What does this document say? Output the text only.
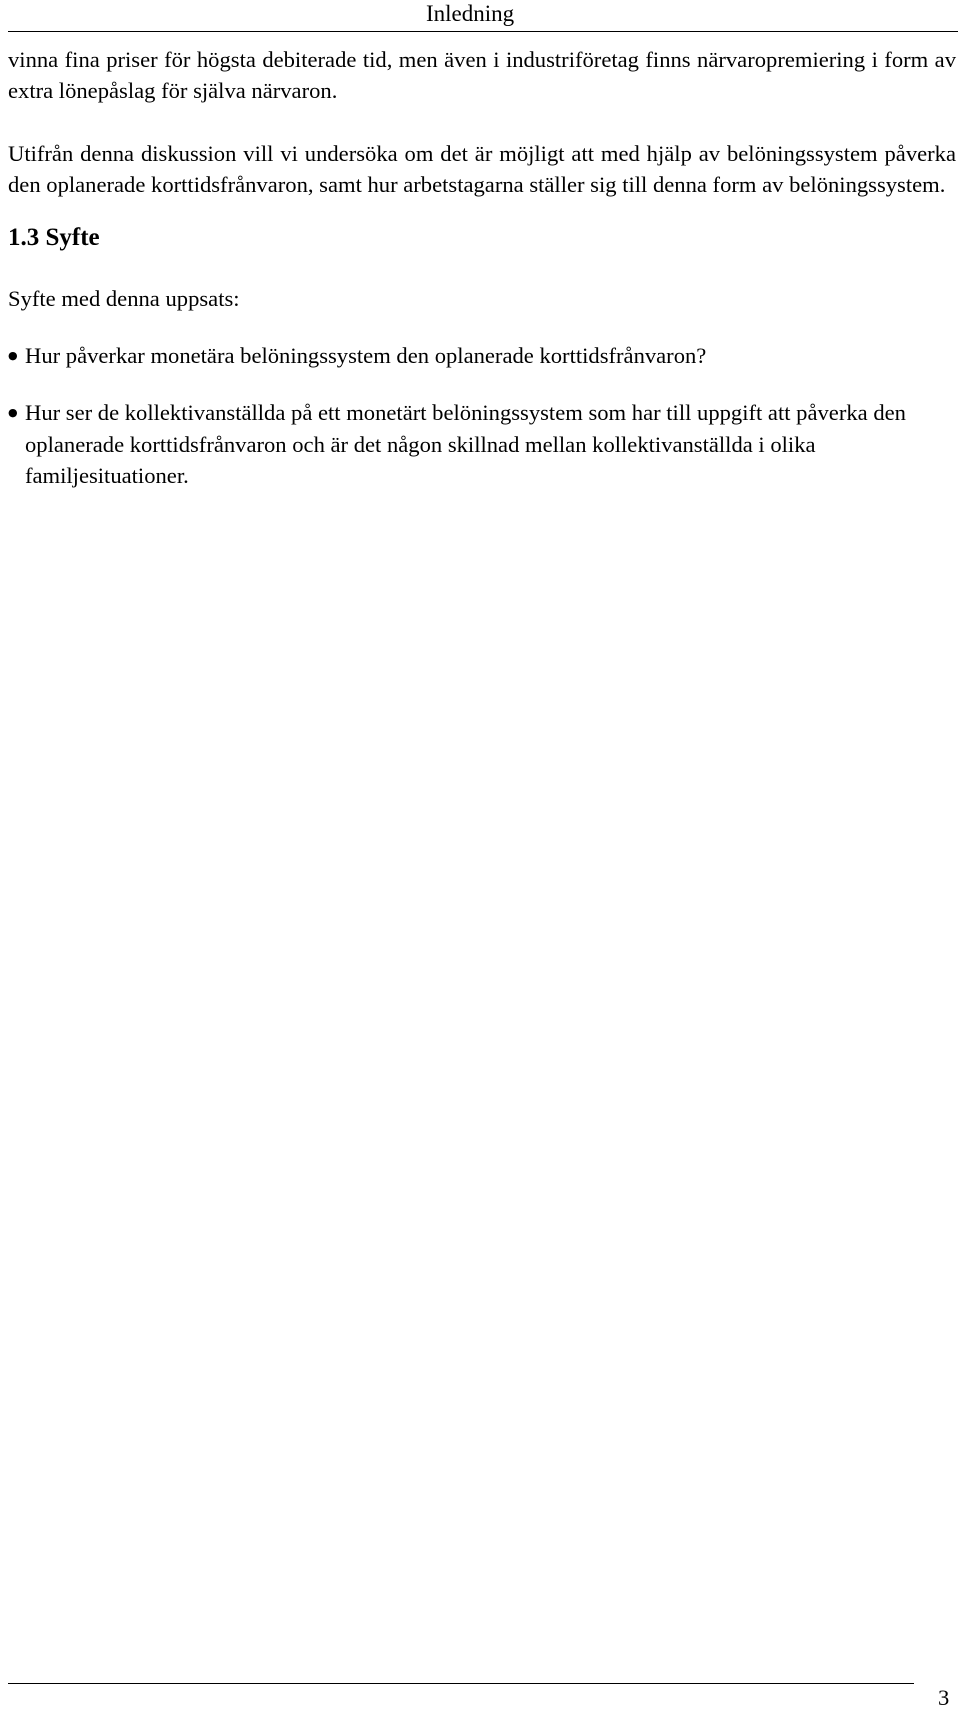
Inledning

vinna fina priser för högsta debiterade tid, men även i industriföretag finns närvaropremiering i form av extra lönepåslag för själva närvaron.

Utifrån denna diskussion vill vi undersöka om det är möjligt att med hjälp av belöningssystem påverka den oplanerade korttidsfrånvaron, samt hur arbetstagarna ställer sig till denna form av belöningssystem.

1.3 Syfte

Syfte med denna uppsats:

● Hur påverkar monetära belöningssystem den oplanerade korttidsfrånvaron?
● Hur ser de kollektivanställda på ett monetärt belöningssystem som har till uppgift att påverka den oplanerade korttidsfrånvaron och är det någon skillnad mellan kollektivanställda i olika familjesituationer.
3
